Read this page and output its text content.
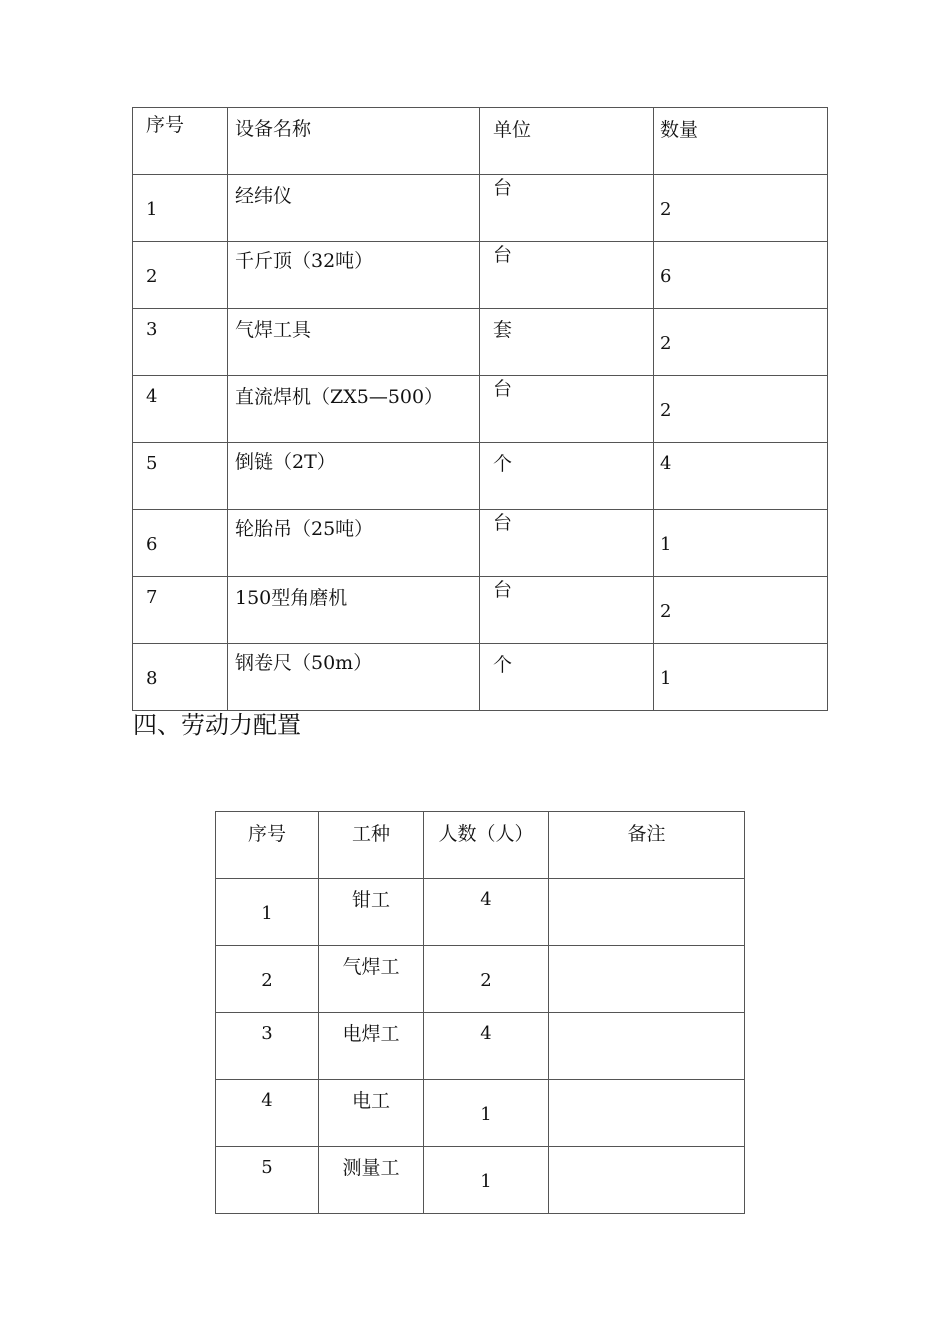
序号	设备名称	单位	数量

1	经纬仪	台	2

2	千斤顶（32吨）	台	6

3	气焊工具	套	2

4	直流焊机（ZX5—500）	台	2

5	倒链（2T）	个	4

6	轮胎吊（25吨）	台	1

7	150型角磨机	台	2

8	钢卷尺（50m）	个	1
四、劳动力配置
序号	工种	人数（人）	备注

1	钳工	4	

2	气焊工	2	

3	电焊工	4	

4	电工	1	

5	测量工	1	
